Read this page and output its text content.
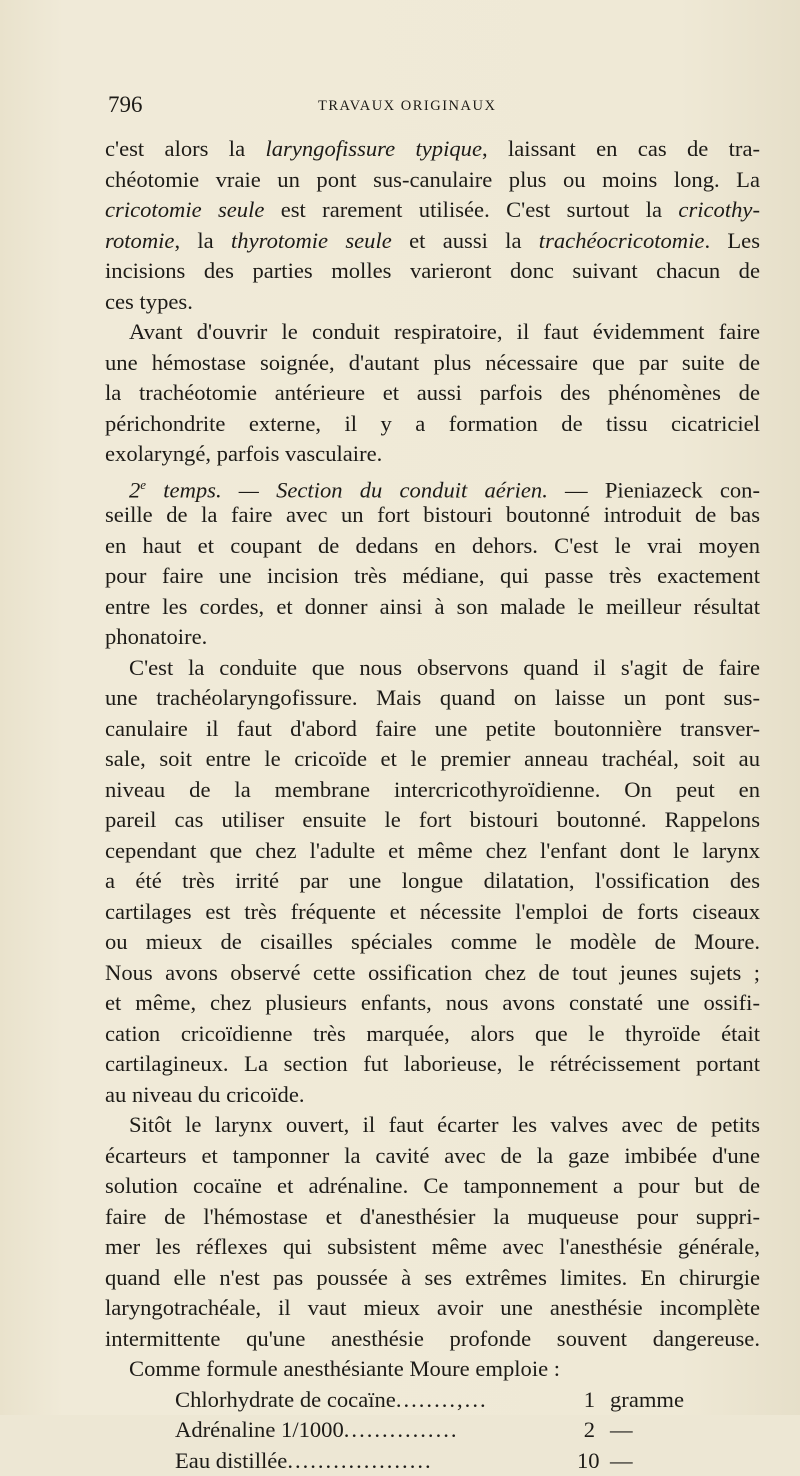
796	TRAVAUX ORIGINAUX
c'est alors la laryngofissure typique, laissant en cas de tra-
chéotomie vraie un pont sus-canulaire plus ou moins long. La
cricotomie seule est rarement utilisée. C'est surtout la cricothy-
rotomie, la thyrotomie seule et aussi la trachéocricotomie. Les
incisions des parties molles varieront donc suivant chacun de
ces types.
Avant d'ouvrir le conduit respiratoire, il faut évidemment faire
une hémostase soignée, d'autant plus nécessaire que par suite de
la trachéotomie antérieure et aussi parfois des phénomènes de
périchondrite externe, il y a formation de tissu cicatriciel
exolaryngé, parfois vasculaire.
2e temps. — Section du conduit aérien. — Pieniazeck con-
seille de la faire avec un fort bistouri boutonné introduit de bas
en haut et coupant de dedans en dehors. C'est le vrai moyen
pour faire une incision très médiane, qui passe très exactement
entre les cordes, et donner ainsi à son malade le meilleur résultat
phonatoire.
C'est la conduite que nous observons quand il s'agit de faire
une trachéolaryngofissure. Mais quand on laisse un pont sus-
canulaire il faut d'abord faire une petite boutonnière transver-
sale, soit entre le cricoïde et le premier anneau trachéal, soit au
niveau de la membrane intercricothyroïdienne. On peut en
pareil cas utiliser ensuite le fort bistouri boutonné. Rappelons
cependant que chez l'adulte et même chez l'enfant dont le larynx
a été très irrité par une longue dilatation, l'ossification des
cartilages est très fréquente et nécessite l'emploi de forts ciseaux
ou mieux de cisailles spéciales comme le modèle de Moure.
Nous avons observé cette ossification chez de tout jeunes sujets ;
et même, chez plusieurs enfants, nous avons constaté une ossifi-
cation cricoïdienne très marquée, alors que le thyroïde était
cartilagineux. La section fut laborieuse, le rétrécissement portant
au niveau du cricoïde.
Sitôt le larynx ouvert, il faut écarter les valves avec de petits
écarteurs et tamponner la cavité avec de la gaze imbibée d'une
solution cocaïne et adrénaline. Ce tamponnement a pour but de
faire de l'hémostase et d'anesthésier la muqueuse pour suppri-
mer les réflexes qui subsistent même avec l'anesthésie générale,
quand elle n'est pas poussée à ses extrêmes limites. En chirurgie
laryngotrachéale, il vaut mieux avoir une anesthésie incomplète
intermittente qu'une anesthésie profonde souvent dangereuse.
Comme formule anesthésiante Moure emploie :
Chlorhydrate de cocaïne........,...	1 gramme
Adrénaline 1/1000...............	2 —
Eau distillée...................	10 —
